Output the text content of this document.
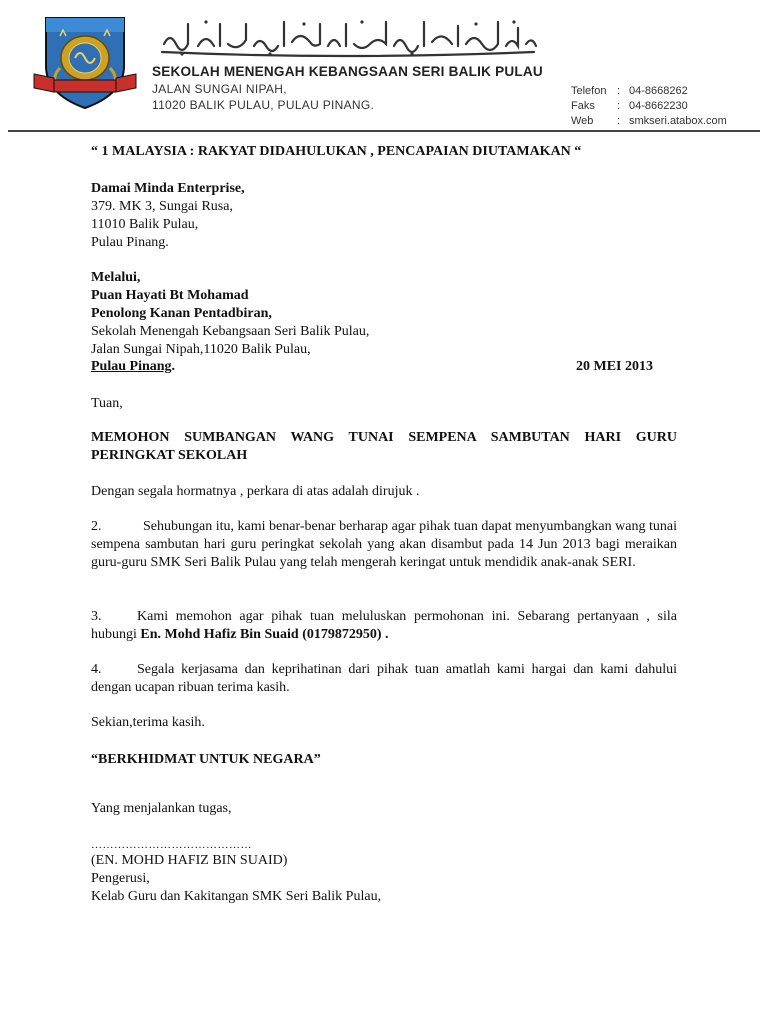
SEKOLAH MENENGAH KEBANGSAAN SERI BALIK PULAU

JALAN SUNGAI NIPAH,
11020 BALIK PULAU, PULAU PINANG.
Telefon : 04-8668262
Faks	: 04-8662230
Web	: smkseri.atabox.com
“ 1 MALAYSIA : RAKYAT DIDAHULUKAN , PENCAPAIAN DIUTAMAKAN “
Damai Minda Enterprise,
379. MK 3, Sungai Rusa,
11010 Balik Pulau,
Pulau Pinang.
Melalui,
Puan Hayati Bt Mohamad
Penolong Kanan Pentadbiran,
Sekolah Menengah Kebangsaan Seri Balik Pulau,
Jalan Sungai Nipah,11020 Balik Pulau,
Pulau Pinang.	20 MEI 2013
Tuan,
MEMOHON SUMBANGAN WANG TUNAI SEMPENA SAMBUTAN HARI GURU PERINGKAT SEKOLAH
Dengan segala hormatnya , perkara di atas adalah dirujuk .
2.	Sehubungan itu, kami benar-benar berharap agar pihak tuan dapat menyumbangkan wang tunai sempena sambutan hari guru peringkat sekolah yang akan disambut pada 14 Jun 2013 bagi meraikan guru-guru SMK Seri Balik Pulau yang telah mengerah keringat untuk mendidik anak-anak SERI.
3.	Kami memohon agar pihak tuan meluluskan permohonan ini. Sebarang pertanyaan , sila hubungi En. Mohd Hafiz Bin Suaid (0179872950) .
4.	Segala kerjasama dan keprihatinan dari pihak tuan amatlah kami hargai dan kami dahului dengan ucapan ribuan terima kasih.
Sekian,terima kasih.
“BERKHIDMAT UNTUK NEGARA”
Yang menjalankan tugas,
……………………………………
(EN. MOHD HAFIZ BIN SUAID)
Pengerusi,
Kelab Guru dan Kakitangan SMK Seri Balik Pulau,
